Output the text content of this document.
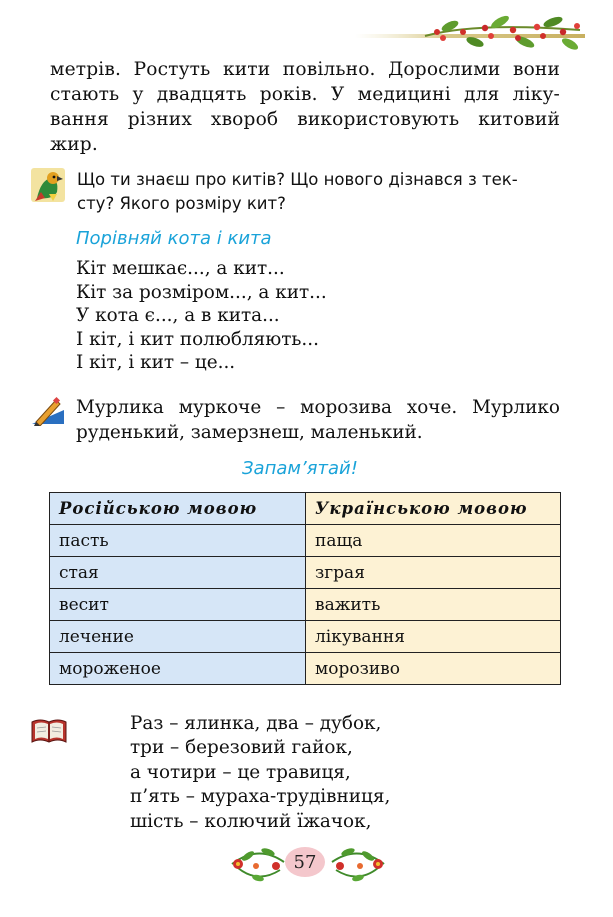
метрів. Ростуть кити повільно. Дорослими вони
стають у двадцять років. У медицині для ліку-
вання різних хвороб використовують китовий
жир.
Що ти знаєш про китів? Що нового дізнався з тек-
сту? Якого розміру кит?
Порівняй кота і кита
Кіт мешкає..., а кит...
Кіт за розміром..., а кит...
У кота є..., а в кита...
І кіт, і кит полюбляють...
І кіт, і кит – це...
Мурлика муркоче – морозива хоче. Мурлико
руденький, замерзнеш, маленький.
Запам’ятай!
Російською мовою	Українською мовою
пасть	паща
стая	зграя
весит	важить
лечение	лікування
мороженое	морозиво
Раз – ялинка, два – дубок,
три – березовий гайок,
а чотири – це травиця,
п’ять – мураха-трудівниця,
шість – колючий їжачок,
57
